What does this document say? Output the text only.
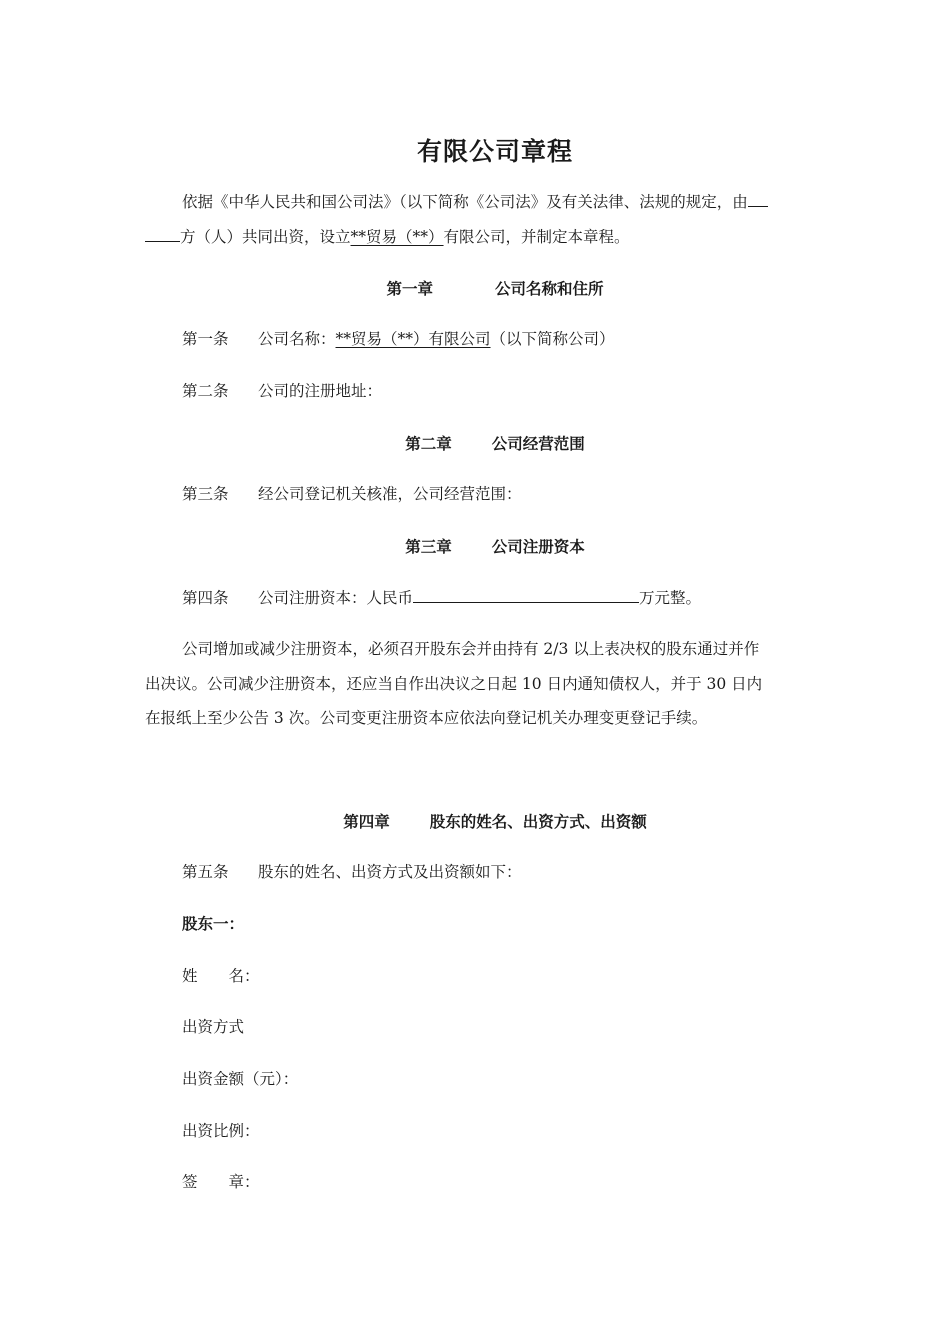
有限公司章程
依据《中华人民共和国公司法》（以下简称《公司法》及有关法律、法规的规定，由
方（人）共同出资，设立**贸易（**）有限公司，并制定本章程。
第一章	公司名称和住所
第一条 公司名称：**贸易（**）有限公司（以下简称公司）
第二条 公司的注册地址：
第二章	公司经营范围
第三条 经公司登记机关核准，公司经营范围：
第三章	公司注册资本
第四条 公司注册资本：人民币	万元整。
公司增加或减少注册资本，必须召开股东会并由持有 2/3 以上表决权的股东通过并作
出决议。公司减少注册资本，还应当自作出决议之日起 10 日内通知债权人，并于 30 日内
在报纸上至少公告 3 次。公司变更注册资本应依法向登记机关办理变更登记手续。
第四章	股东的姓名、出资方式、出资额
第五条 股东的姓名、出资方式及出资额如下：
股东一：
姓　　名：
出资方式
出资金额（元）：
出资比例：
签　　章：
